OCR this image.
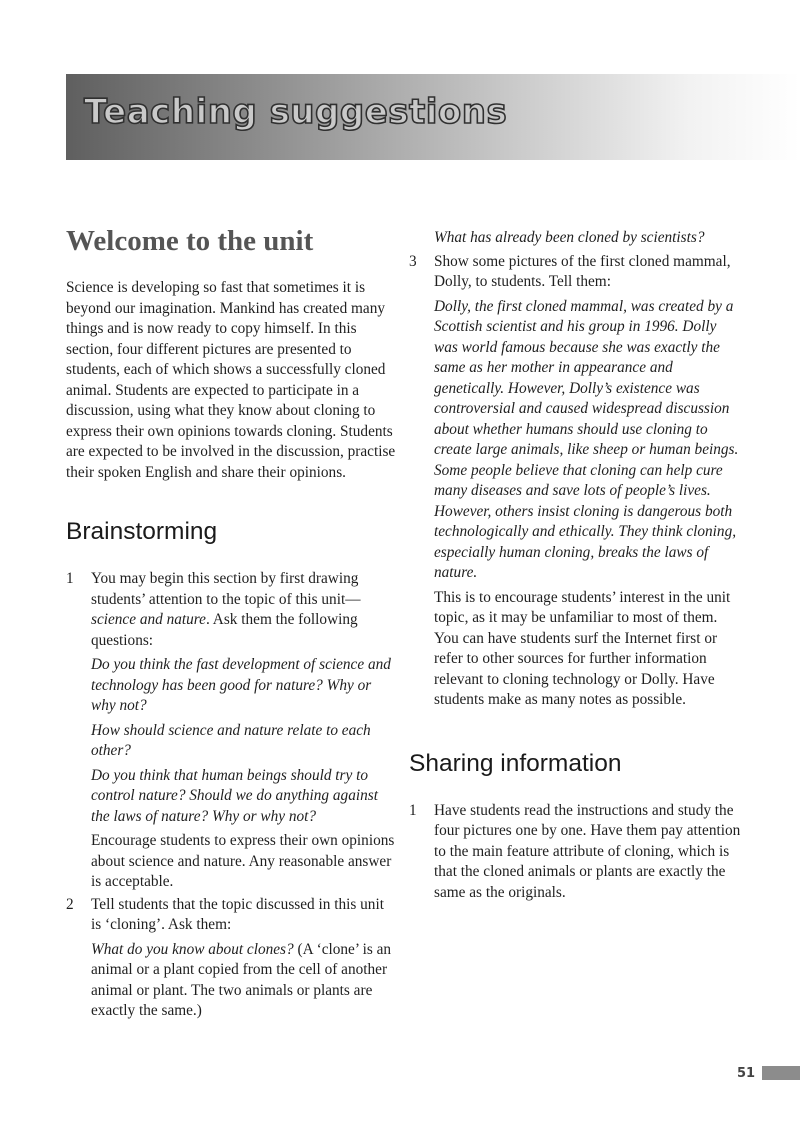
Teaching suggestions
Welcome to the unit

Science is developing so fast that sometimes it is beyond our imagination. Mankind has created many things and is now ready to copy himself. In this section, four different pictures are presented to students, each of which shows a successfully cloned animal. Students are expected to participate in a discussion, using what they know about cloning to express their own opinions towards cloning. Students are expected to be involved in the discussion, practise their spoken English and share their opinions.

Brainstorming
1 You may begin this section by first drawing students’ attention to the topic of this unit—science and nature. Ask them the following questions:

Do you think the fast development of science and technology has been good for nature? Why or why not?

How should science and nature relate to each other?

Do you think that human beings should try to control nature? Should we do anything against the laws of nature? Why or why not?

Encourage students to express their own opinions about science and nature. Any reasonable answer is acceptable.

2 Tell students that the topic discussed in this unit is ‘cloning’. Ask them:

What do you know about clones? (A ‘clone’ is an animal or a plant copied from the cell of another animal or plant. The two animals or plants are exactly the same.)

What has already been cloned by scientists?

3 Show some pictures of the first cloned mammal, Dolly, to students. Tell them:

Dolly, the first cloned mammal, was created by a Scottish scientist and his group in 1996. Dolly was world famous because she was exactly the same as her mother in appearance and genetically. However, Dolly’s existence was controversial and caused widespread discussion about whether humans should use cloning to create large animals, like sheep or human beings. Some people believe that cloning can help cure many diseases and save lots of people’s lives. However, others insist cloning is dangerous both technologically and ethically. They think cloning, especially human cloning, breaks the laws of nature.

This is to encourage students’ interest in the unit topic, as it may be unfamiliar to most of them. You can have students surf the Internet first or refer to other sources for further information relevant to cloning technology or Dolly. Have students make as many notes as possible.

Sharing information
1 Have students read the instructions and study the four pictures one by one. Have them pay attention to the main feature attribute of cloning, which is that the cloned animals or plants are exactly the same as the originals.

51
